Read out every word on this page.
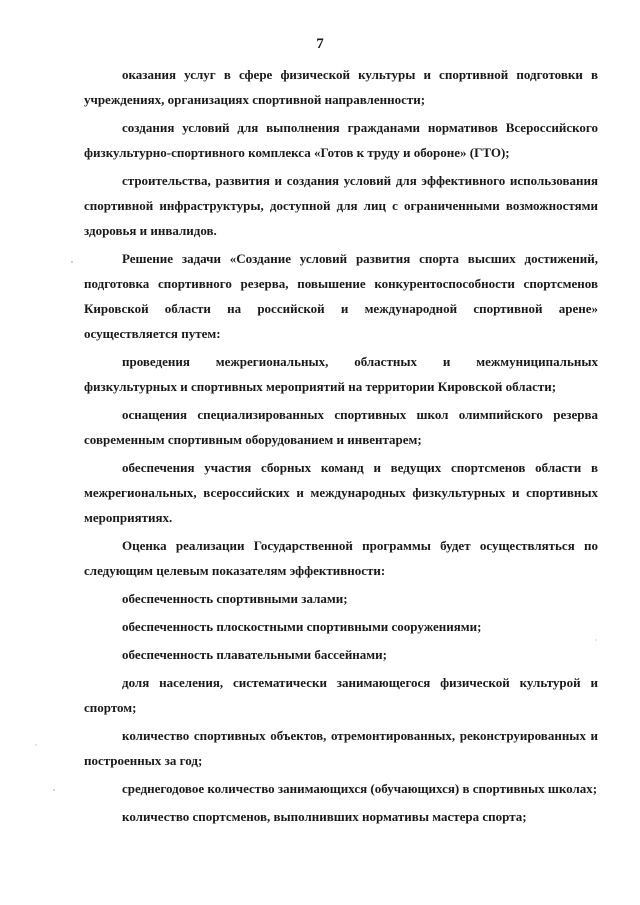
7

оказания услуг в сфере физической культуры и спортивной подготовки в учреждениях, организациях спортивной направленности;

создания условий для выполнения гражданами нормативов Всероссийского физкультурно-спортивного комплекса «Готов к труду и обороне» (ГТО);

строительства, развития и создания условий для эффективного использования спортивной инфраструктуры, доступной для лиц с ограниченными возможностями здоровья и инвалидов.

Решение задачи «Создание условий развития спорта высших достижений, подготовка спортивного резерва, повышение конкурентоспособности спортсменов Кировской области на российской и международной спортивной арене» осуществляется путем:

проведения межрегиональных, областных и межмуниципальных физкультурных и спортивных мероприятий на территории Кировской области;

оснащения специализированных спортивных школ олимпийского резерва современным спортивным оборудованием и инвентарем;

обеспечения участия сборных команд и ведущих спортсменов области в межрегиональных, всероссийских и международных физкультурных и спортивных мероприятиях.

Оценка реализации Государственной программы будет осуществляться по следующим целевым показателям эффективности:

обеспеченность спортивными залами;

обеспеченность плоскостными спортивными сооружениями;

обеспеченность плавательными бассейнами;

доля населения, систематически занимающегося физической культурой и спортом;

количество спортивных объектов, отремонтированных, реконструированных и построенных за год;

среднегодовое количество занимающихся (обучающихся) в спортивных школах;

количество спортсменов, выполнивших нормативы мастера спорта;
